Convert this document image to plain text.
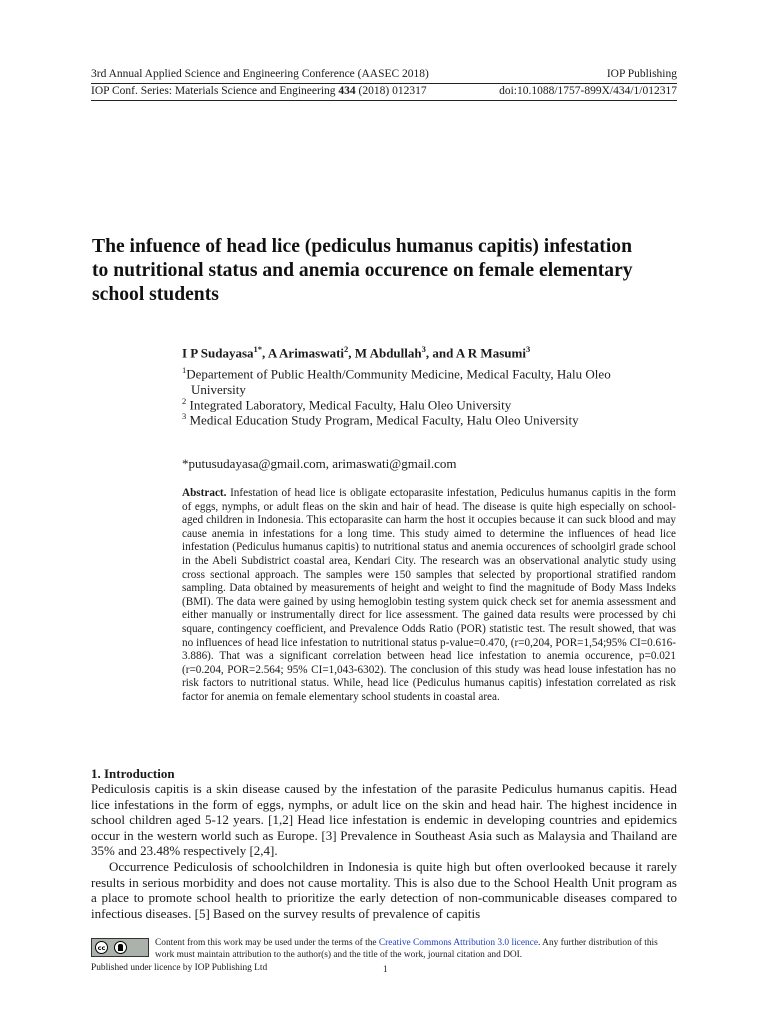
3rd Annual Applied Science and Engineering Conference (AASEC 2018)	IOP Publishing
IOP Conf. Series: Materials Science and Engineering 434 (2018) 012317	doi:10.1088/1757-899X/434/1/012317
The infuence of head lice (pediculus humanus capitis) infestation to nutritional status and anemia occurence on female elementary school students
I P Sudayasa$^{1*}$, A Arimaswati$^2$, M Abdullah$^3$, and A R Masumi$^3$
$^1$Departement of Public Health/Community Medicine, Medical Faculty, Halu Oleo
University
$^2$ Integrated Laboratory, Medical Faculty, Halu Oleo University
$^3$ Medical Education Study Program, Medical Faculty, Halu Oleo University
*putusudayasa@gmail.com, arimaswati@gmail.com
Abstract. Infestation of head lice is obligate ectoparasite infestation, Pediculus humanus capitis in the form of eggs, nymphs, or adult fleas on the skin and hair of head. The disease is quite high especially on school-aged children in Indonesia. This ectoparasite can harm the host it occupies because it can suck blood and may cause anemia in infestations for a long time. This study aimed to determine the influences of head lice infestation (Pediculus humanus capitis) to nutritional status and anemia occurences of schoolgirl grade school in the Abeli Subdistrict coastal area, Kendari City. The research was an observational analytic study using cross sectional approach. The samples were 150 samples that selected by proportional stratified random sampling. Data obtained by measurements of height and weight to find the magnitude of Body Mass Indeks (BMI). The data were gained by using hemoglobin testing system quick check set for anemia assessment and either manually or instrumentally direct for lice assessment. The gained data results were processed by chi square, contingency coefficient, and Prevalence Odds Ratio (POR) statistic test. The result showed, that was no influences of head lice infestation to nutritional status p-value=0.470, (r=0,204, POR=1,54;95% CI=0.616-3.886). That was a significant correlation between head lice infestation to anemia occurence, p=0.021 (r=0.204, POR=2.564; 95% CI=1,043-6302). The conclusion of this study was head louse infestation has no risk factors to nutritional status. While, head lice (Pediculus humanus capitis) infestation correlated as risk factor for anemia on female elementary school students in coastal area.
1. Introduction

Pediculosis capitis is a skin disease caused by the infestation of the parasite Pediculus humanus capitis. Head lice infestations in the form of eggs, nymphs, or adult lice on the skin and head hair. The highest incidence in school children aged 5-12 years. [1,2] Head lice infestation is endemic in developing countries and epidemics occur in the western world such as Europe. [3] Prevalence in Southeast Asia such as Malaysia and Thailand are 35% and 23.48% respectively [2,4].

Occurrence Pediculosis of schoolchildren in Indonesia is quite high but often overlooked because it rarely results in serious morbidity and does not cause mortality. This is also due to the School Health Unit program as a place to promote school health to prioritize the early detection of non-communicable diseases compared to infectious diseases. [5] Based on the survey results of prevalence of capitis

cc	Content from this work may be used under the terms of the Creative Commons Attribution 3.0 licence. Any further distribution of this work must maintain attribution to the author(s) and the title of the work, journal citation and DOI.
Published under licence by IOP Publishing Ltd	1
